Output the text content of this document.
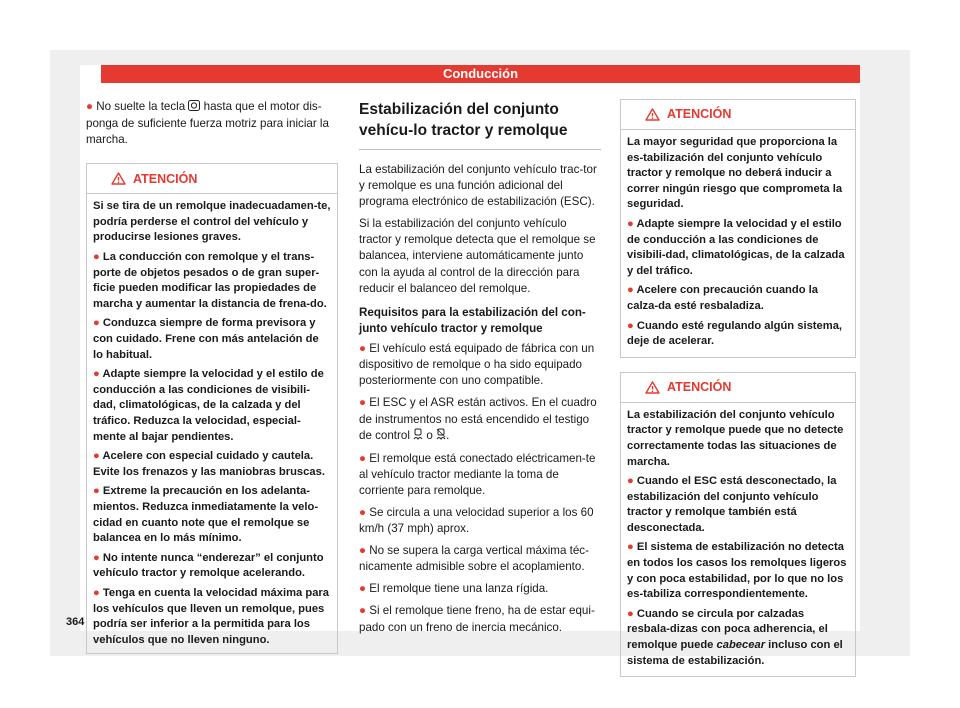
Conducción

● No suelte la tecla hasta que el motor dis-ponga de suficiente fuerza motriz para iniciar la marcha.

ATENCIÓN

Si se tira de un remolque inadecuadamen-te, podría perderse el control del vehículo y producirse lesiones graves.

● La conducción con remolque y el trans-porte de objetos pesados o de gran super-ficie pueden modificar las propiedades de marcha y aumentar la distancia de frena-do.

● Conduzca siempre de forma previsora y con cuidado. Frene con más antelación de lo habitual.

● Adapte siempre la velocidad y el estilo de conducción a las condiciones de visibili-dad, climatológicas, de la calzada y del tráfico. Reduzca la velocidad, especial-mente al bajar pendientes.

● Acelere con especial cuidado y cautela. Evite los frenazos y las maniobras bruscas.

● Extreme la precaución en los adelanta-mientos. Reduzca inmediatamente la velo-cidad en cuanto note que el remolque se balancea en lo más mínimo.

● No intente nunca “enderezar” el conjunto vehículo tractor y remolque acelerando.

● Tenga en cuenta la velocidad máxima para los vehículos que lleven un remolque, pues podría ser inferior a la permitida para los vehículos que no lleven ninguno.

Estabilización del conjunto vehícu-lo tractor y remolque

La estabilización del conjunto vehículo trac-tor y remolque es una función adicional del programa electrónico de estabilización (ESC).

Si la estabilización del conjunto vehículo tractor y remolque detecta que el remolque se balancea, interviene automáticamente junto con la ayuda al control de la dirección para reducir el balanceo del remolque.

Requisitos para la estabilización del con-junto vehículo tractor y remolque

● El vehículo está equipado de fábrica con un dispositivo de remolque o ha sido equipado posteriormente con uno compatible.

● El ESC y el ASR están activos. En el cuadro de instrumentos no está encendido el testigo de control o .

● El remolque está conectado eléctricamen-te al vehículo tractor mediante la toma de corriente para remolque.

● Se circula a una velocidad superior a los 60 km/h (37 mph) aprox.

● No se supera la carga vertical máxima téc-nicamente admisible sobre el acoplamiento.

● El remolque tiene una lanza rígida.

● Si el remolque tiene freno, ha de estar equi-pado con un freno de inercia mecánico.

ATENCIÓN

La mayor seguridad que proporciona la es-tabilización del conjunto vehículo tractor y remolque no deberá inducir a correr ningún riesgo que comprometa la seguridad.

● Adapte siempre la velocidad y el estilo de conducción a las condiciones de visibili-dad, climatológicas, de la calzada y del tráfico.

● Acelere con precaución cuando la calza-da esté resbaladiza.

● Cuando esté regulando algún sistema, deje de acelerar.

ATENCIÓN

La estabilización del conjunto vehículo tractor y remolque puede que no detecte correctamente todas las situaciones de marcha.

● Cuando el ESC está desconectado, la estabilización del conjunto vehículo tractor y remolque también está desconectada.

● El sistema de estabilización no detecta en todos los casos los remolques ligeros y con poca estabilidad, por lo que no los es-tabiliza correspondientemente.

● Cuando se circula por calzadas resbala-dizas con poca adherencia, el remolque puede cabecear incluso con el sistema de estabilización.

364
